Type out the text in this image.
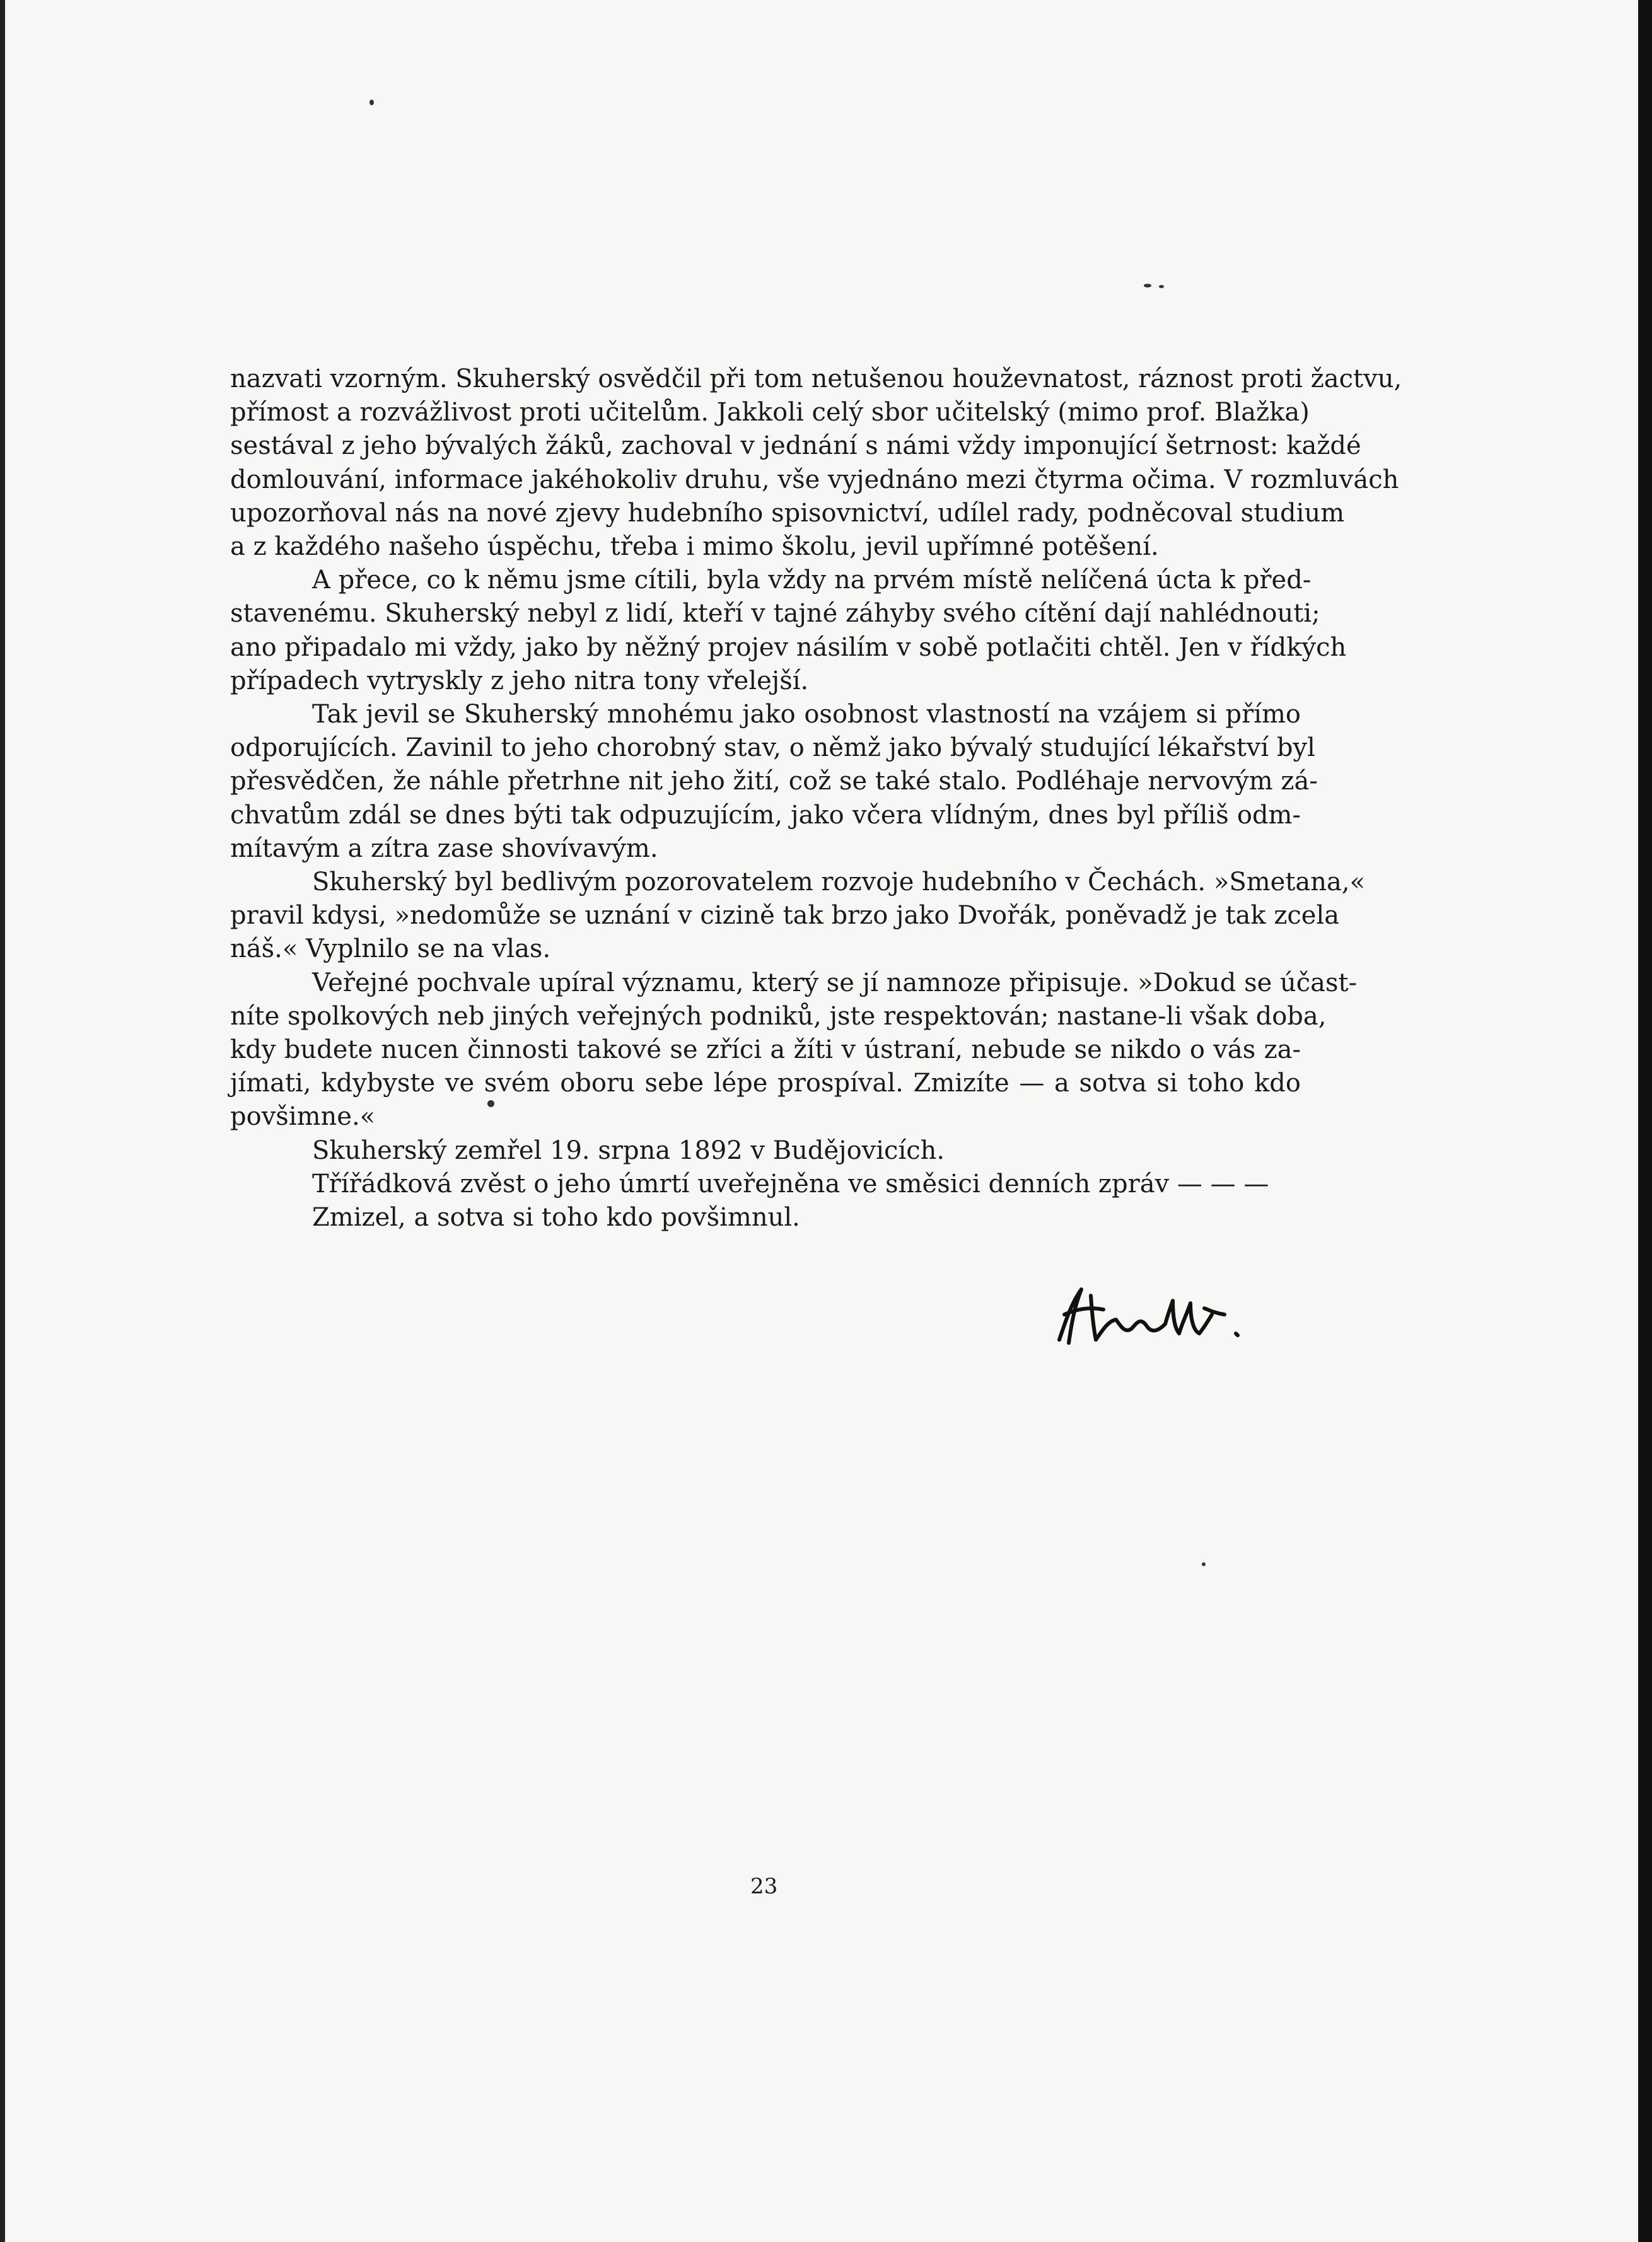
nazvati vzorným. Skuherský osvědčil při tom netušenou houževnatost, ráznost proti žactvu,
přímost a rozvážlivost proti učitelům. Jakkoli celý sbor učitelský (mimo prof. Blažka)
sestával z jeho bývalých žáků, zachoval v jednání s námi vždy imponující šetrnost: každé
domlouvání, informace jakéhokoliv druhu, vše vyjednáno mezi čtyrma očima. V rozmluvách
upozorňoval nás na nové zjevy hudebního spisovnictví, udílel rady, podněcoval studium
a z každého našeho úspěchu, třeba i mimo školu, jevil upřímné potěšení.
A přece, co k němu jsme cítili, byla vždy na prvém místě nelíčená úcta k před-
stavenému. Skuherský nebyl z lidí, kteří v tajné záhyby svého cítění dají nahlédnouti;
ano připadalo mi vždy, jako by něžný projev násilím v sobě potlačiti chtěl. Jen v řídkých
případech vytryskly z jeho nitra tony vřelejší.
Tak jevil se Skuherský mnohému jako osobnost vlastností na vzájem si přímo
odporujících. Zavinil to jeho chorobný stav, o němž jako bývalý studující lékařství byl
přesvědčen, že náhle přetrhne nit jeho žití, což se také stalo. Podléhaje nervovým zá-
chvatům zdál se dnes býti tak odpuzujícím, jako včera vlídným, dnes byl příliš odm-
mítavým a zítra zase shovívavým.
Skuherský byl bedlivým pozorovatelem rozvoje hudebního v Čechách. »Smetana,«
pravil kdysi, »nedomůže se uznání v cizině tak brzo jako Dvořák, poněvadž je tak zcela
náš.« Vyplnilo se na vlas.
Veřejné pochvale upíral významu, který se jí namnoze připisuje. »Dokud se účast-
níte spolkových neb jiných veřejných podniků, jste respektován; nastane-li však doba,
kdy budete nucen činnosti takové se zříci a žíti v ústraní, nebude se nikdo o vás za-
jímati, kdybyste ve svém oboru sebe lépe prospíval. Zmizíte — a sotva si toho kdo
povšimne.«
Skuherský zemřel 19. srpna 1892 v Budějovicích.
Třířádková zvěst o jeho úmrtí uveřejněna ve směsici denních zpráv — — —
Zmizel, a sotva si toho kdo povšimnul.
23
